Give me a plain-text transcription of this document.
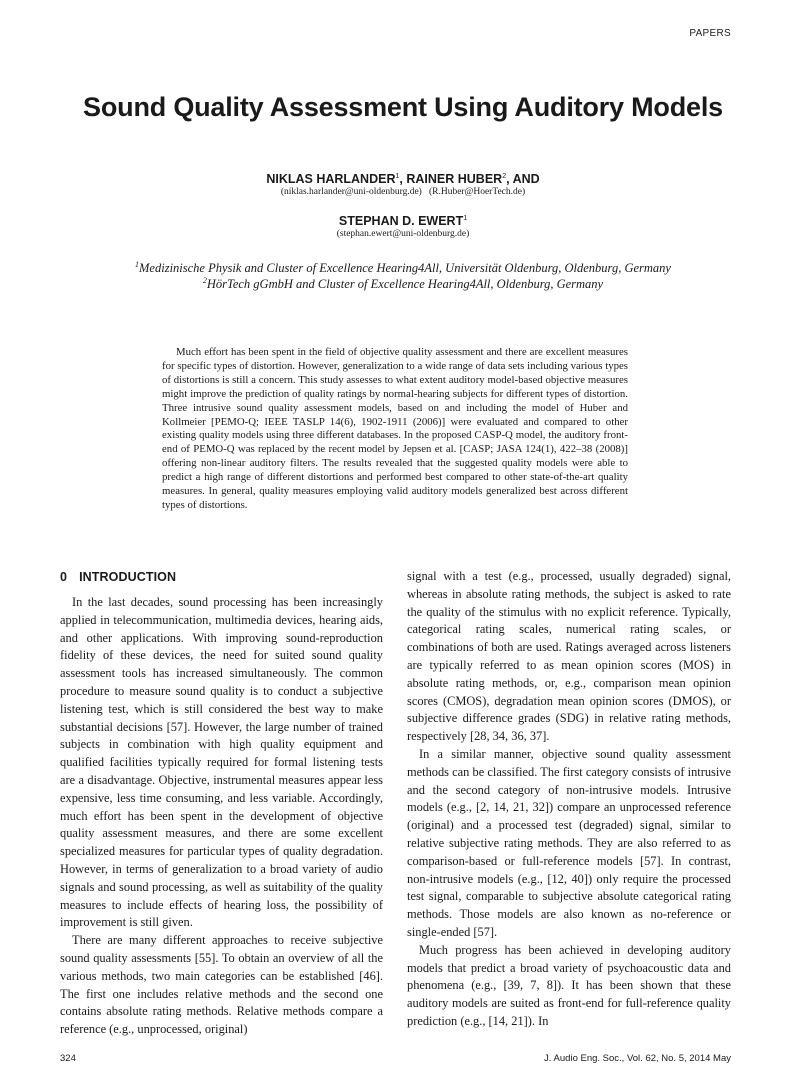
PAPERS
Sound Quality Assessment Using Auditory Models
NIKLAS HARLANDER$^1$, RAINER HUBER$^2$, AND
(niklas.harlander@uni-oldenburg.de) (R.Huber@HoerTech.de)
STEPHAN D. EWERT$^1$
(stephan.ewert@uni-oldenburg.de)
$^1$Medizinische Physik and Cluster of Excellence Hearing4All, Universität Oldenburg, Oldenburg, Germany
$^2$HörTech gGmbH and Cluster of Excellence Hearing4All, Oldenburg, Germany

Much effort has been spent in the field of objective quality assessment and there are excellent measures for specific types of distortion. However, generalization to a wide range of data sets including various types of distortions is still a concern. This study assesses to what extent auditory model-based objective measures might improve the prediction of quality ratings by normal-hearing subjects for different types of distortion. Three intrusive sound quality assessment models, based on and including the model of Huber and Kollmeier [PEMO-Q; IEEE TASLP 14(6), 1902-1911 (2006)] were evaluated and compared to other existing quality models using three different databases. In the proposed CASP-Q model, the auditory front-end of PEMO-Q was replaced by the recent model by Jepsen et al. [CASP; JASA 124(1), 422–38 (2008)] offering non-linear auditory filters. The results revealed that the suggested quality models were able to predict a high range of different distortions and performed best compared to other state-of-the-art quality measures. In general, quality measures employing valid auditory models generalized best across different types of distortions.

0 INTRODUCTION

In the last decades, sound processing has been increasingly applied in telecommunication, multimedia devices, hearing aids, and other applications. With improving sound-reproduction fidelity of these devices, the need for suited sound quality assessment tools has increased simultaneously. The common procedure to measure sound quality is to conduct a subjective listening test, which is still considered the best way to make substantial decisions [57]. However, the large number of trained subjects in combination with high quality equipment and qualified facilities typically required for formal listening tests are a disadvantage. Objective, instrumental measures appear less expensive, less time consuming, and less variable. Accordingly, much effort has been spent in the development of objective quality assessment measures, and there are some excellent specialized measures for particular types of quality degradation. However, in terms of generalization to a broad variety of audio signals and sound processing, as well as suitability of the quality measures to include effects of hearing loss, the possibility of improvement is still given.

There are many different approaches to receive subjective sound quality assessments [55]. To obtain an overview of all the various methods, two main categories can be established [46]. The first one includes relative methods and the second one contains absolute rating methods. Relative methods compare a reference (e.g., unprocessed, original)

signal with a test (e.g., processed, usually degraded) signal, whereas in absolute rating methods, the subject is asked to rate the quality of the stimulus with no explicit reference. Typically, categorical rating scales, numerical rating scales, or combinations of both are used. Ratings averaged across listeners are typically referred to as mean opinion scores (MOS) in absolute rating methods, or, e.g., comparison mean opinion scores (CMOS), degradation mean opinion scores (DMOS), or subjective difference grades (SDG) in relative rating methods, respectively [28, 34, 36, 37].

In a similar manner, objective sound quality assessment methods can be classified. The first category consists of intrusive and the second category of non-intrusive models. Intrusive models (e.g., [2, 14, 21, 32]) compare an unprocessed reference (original) and a processed test (degraded) signal, similar to relative subjective rating methods. They are also referred to as comparison-based or full-reference models [57]. In contrast, non-intrusive models (e.g., [12, 40]) only require the processed test signal, comparable to subjective absolute categorical rating methods. Those models are also known as no-reference or single-ended [57].

Much progress has been achieved in developing auditory models that predict a broad variety of psychoacoustic data and phenomena (e.g., [39, 7, 8]). It has been shown that these auditory models are suited as front-end for full-reference quality prediction (e.g., [14, 21]). In

324	J. Audio Eng. Soc., Vol. 62, No. 5, 2014 May
